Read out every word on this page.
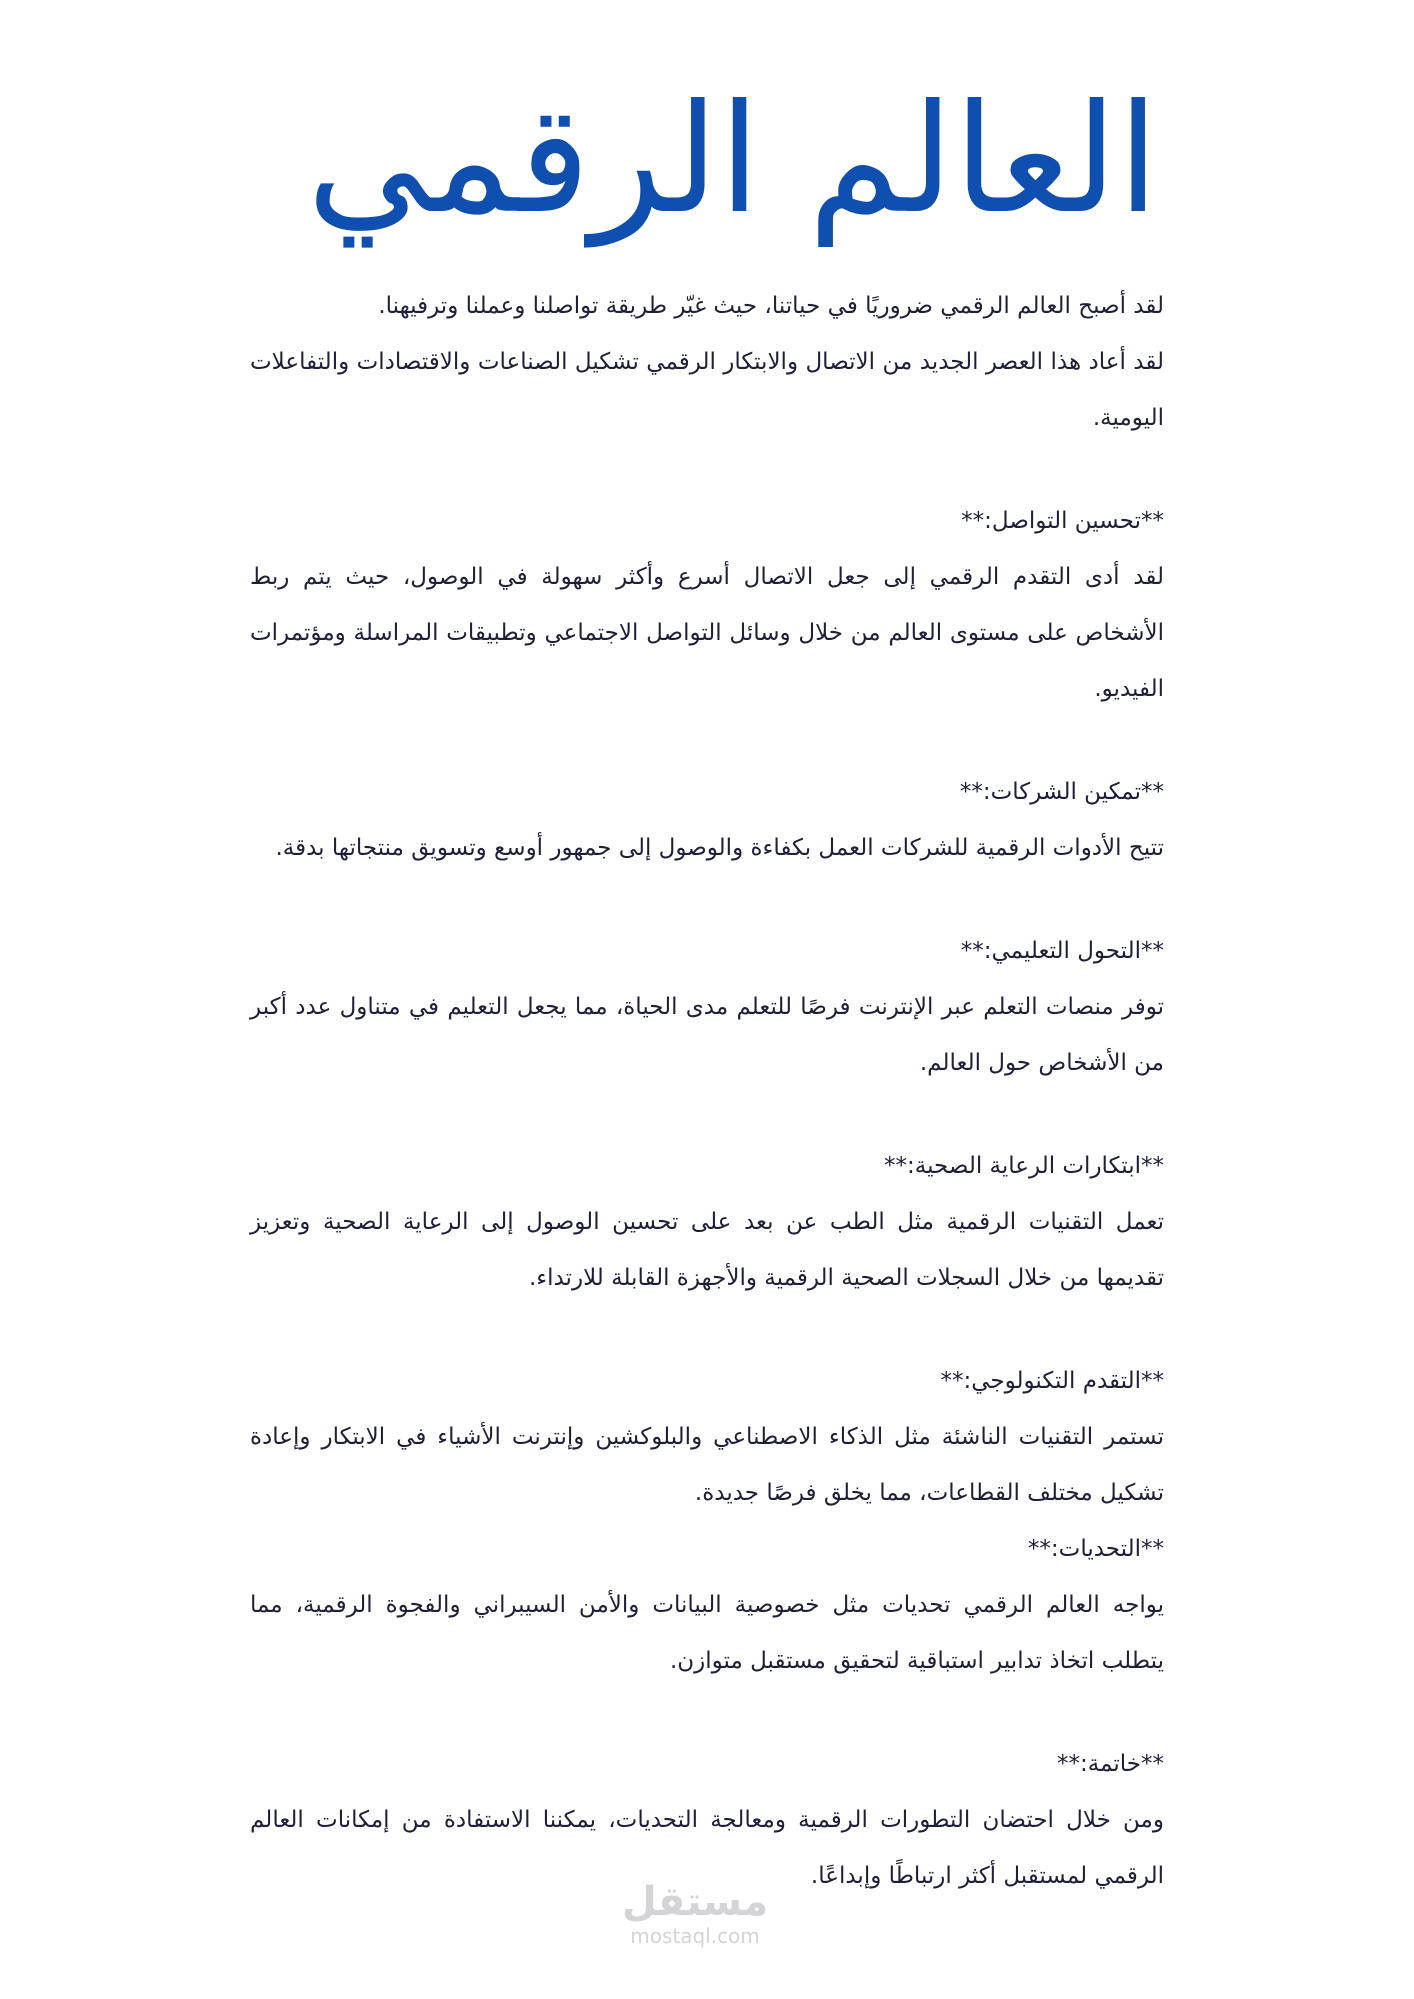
العالم الرقمي

لقد أصبح العالم الرقمي ضروريًا في حياتنا، حيث غيّر طريقة تواصلنا وعملنا وترفيهنا.

لقد أعاد هذا العصر الجديد من الاتصال والابتكار الرقمي تشكيل الصناعات والاقتصادات والتفاعلات اليومية.

**تحسين التواصل:**

لقد أدى التقدم الرقمي إلى جعل الاتصال أسرع وأكثر سهولة في الوصول، حيث يتم ربط الأشخاص على مستوى العالم من خلال وسائل التواصل الاجتماعي وتطبيقات المراسلة ومؤتمرات الفيديو.

**تمكين الشركات:**

تتيح الأدوات الرقمية للشركات العمل بكفاءة والوصول إلى جمهور أوسع وتسويق منتجاتها بدقة.

**التحول التعليمي:**

توفر منصات التعلم عبر الإنترنت فرصًا للتعلم مدى الحياة، مما يجعل التعليم في متناول عدد أكبر من الأشخاص حول العالم.

**ابتكارات الرعاية الصحية:**

تعمل التقنيات الرقمية مثل الطب عن بعد على تحسين الوصول إلى الرعاية الصحية وتعزيز تقديمها من خلال السجلات الصحية الرقمية والأجهزة القابلة للارتداء.

**التقدم التكنولوجي:**

تستمر التقنيات الناشئة مثل الذكاء الاصطناعي والبلوكشين وإنترنت الأشياء في الابتكار وإعادة تشكيل مختلف القطاعات، مما يخلق فرصًا جديدة.

**التحديات:**

يواجه العالم الرقمي تحديات مثل خصوصية البيانات والأمن السيبراني والفجوة الرقمية، مما يتطلب اتخاذ تدابير استباقية لتحقيق مستقبل متوازن.

**خاتمة:**

ومن خلال احتضان التطورات الرقمية ومعالجة التحديات، يمكننا الاستفادة من إمكانات العالم الرقمي لمستقبل أكثر ارتباطًا وإبداعًا.

مستقل
mostaql.com
